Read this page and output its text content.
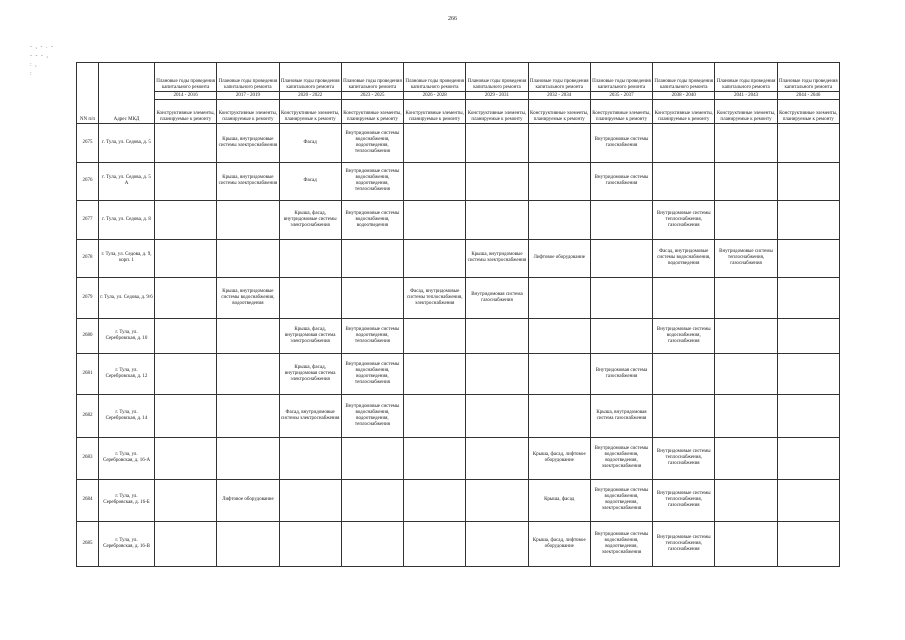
266
- , - . -
- - - ,
: ,
:
NN п/п	Адрес МКД	Плановые годы проведения капитального ремонта	Плановые годы проведения капитального ремонта	Плановые годы проведения капитального ремонта	Плановые годы проведения капитального ремонта	Плановые годы проведения капитального ремонта	Плановые годы проведения капитального ремонта	Плановые годы проведения капитального ремонта	Плановые годы проведения капитального ремонта	Плановые годы проведения капитального ремонта	Плановые годы проведения капитального ремонта	Плановые годы проведения капитального ремонта
		2014 - 2016	2017 - 2019	2020 - 2022	2023 - 2025	2026 - 2028	2029 - 2031	2032 - 2034	2035 - 2037	2038 - 2040	2041 - 2043	2044 - 2046
		Конструктивные элементы, планируемые к ремонту	Конструктивные элементы, планируемые к ремонту	Конструктивные элементы, планируемые к ремонту	Конструктивные элементы, планируемые к ремонту	Конструктивные элементы, планируемые к ремонту	Конструктивные элементы, планируемые к ремонту	Конструктивные элементы, планируемые к ремонту	Конструктивные элементы, планируемые к ремонту	Конструктивные элементы, планируемые к ремонту	Конструктивные элементы, планируемые к ремонту	Конструктивные элементы, планируемые к ремонту
2675	г. Тула, ул. Седова, д. 5		Крыша, внутридомовые системы электроснабжения	Фасад	Внутридомовые системы водоснабжения, водоотведения, теплоснабжения				Внутридомовые системы газоснабжения			
2676	г. Тула, ул. Седова, д. 5 А		Крыша, внутридомовые системы электроснабжения	Фасад	Внутридомовые системы водоснабжения, водоотведения, теплоснабжения				Внутридомовые системы газоснабжения			
2677	г. Тула, ул. Седова, д. 8			Крыша, фасад, внутридомовые системы электроснабжения	Внутридомовые системы водоснабжения, водоотведения					Внутридомовые системы теплоснабжения, газоснабжения		
2678	г. Тула, ул. Седова, д. 9, корп. 1						Крыша, внутридомовые системы электроснабжения	Лифтовое оборудование		Фасад, внутридомовые системы водоснабжения, водоотведения	Внутридомовые системы теплоснабжения, газоснабжения	
2679	г. Тула, ул. Седова, д. 9/6		Крыша, внутридомовые системы водоснабжения, водоотведения			Фасад, внутридомовые системы теплоснабжения, электроснабжения	Внутридомовая система газоснабжения					
2680	г. Тула, ул. Серебровская, д. 10			Крыша, фасад, внутридомовая система электроснабжения	Внутридомовые системы водоотведения, теплоснабжения					Внутридомовые системы водоснабжения, газоснабжения		
2681	г. Тула, ул. Серебровская, д. 12			Крыша, фасад, внутридомовая система электроснабжения	Внутридомовые системы водоснабжения, водоотведения, теплоснабжения				Внутридомовая система газоснабжения			
2682	г. Тула, ул. Серебровская, д. 14			Фасад, внутридомовые системы электроснабжения	Внутридомовые системы водоснабжения, водоотведения, теплоснабжения				Крыша, внутридомовая система газоснабжения			
2683	г. Тула, ул. Серебровская, д. 16-А							Крыша, фасад, лифтовое оборудование	Внутридомовые системы водоснабжения, водоотведения, электроснабжения	Внутридомовые системы теплоснабжения, газоснабжения		
2684	г. Тула, ул. Серебровская, д. 16-Б		Лифтовое оборудование					Крыша, фасад	Внутридомовые системы водоснабжения, водоотведения, электроснабжения	Внутридомовые системы теплоснабжения, газоснабжения		
2685	г. Тула, ул. Серебровская, д. 16-В							Крыша, фасад, лифтовое оборудование	Внутридомовые системы водоснабжения, водоотведения, электроснабжения	Внутридомовые системы теплоснабжения, газоснабжения		
